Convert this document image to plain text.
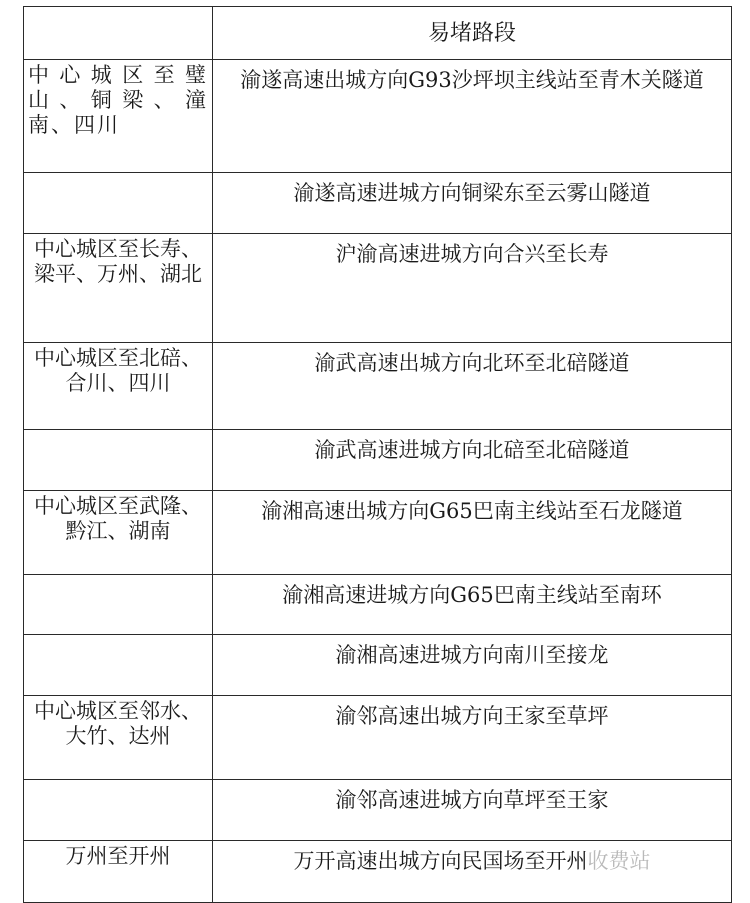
	易堵路段
中心城区至璧山、铜梁、潼南、四川	渝遂高速出城方向G93沙坪坝主线站至青木关隧道
	渝遂高速进城方向铜梁东至云雾山隧道
中心城区至长寿、梁平、万州、湖北	沪渝高速进城方向合兴至长寿
中心城区至北碚、合川、四川	渝武高速出城方向北环至北碚隧道
	渝武高速进城方向北碚至北碚隧道
中心城区至武隆、黔江、湖南	渝湘高速出城方向G65巴南主线站至石龙隧道
	渝湘高速进城方向G65巴南主线站至南环
	渝湘高速进城方向南川至接龙
中心城区至邻水、大竹、达州	渝邻高速出城方向王家至草坪
	渝邻高速进城方向草坪至王家
万州至开州	万开高速出城方向民国场至开州收费站
